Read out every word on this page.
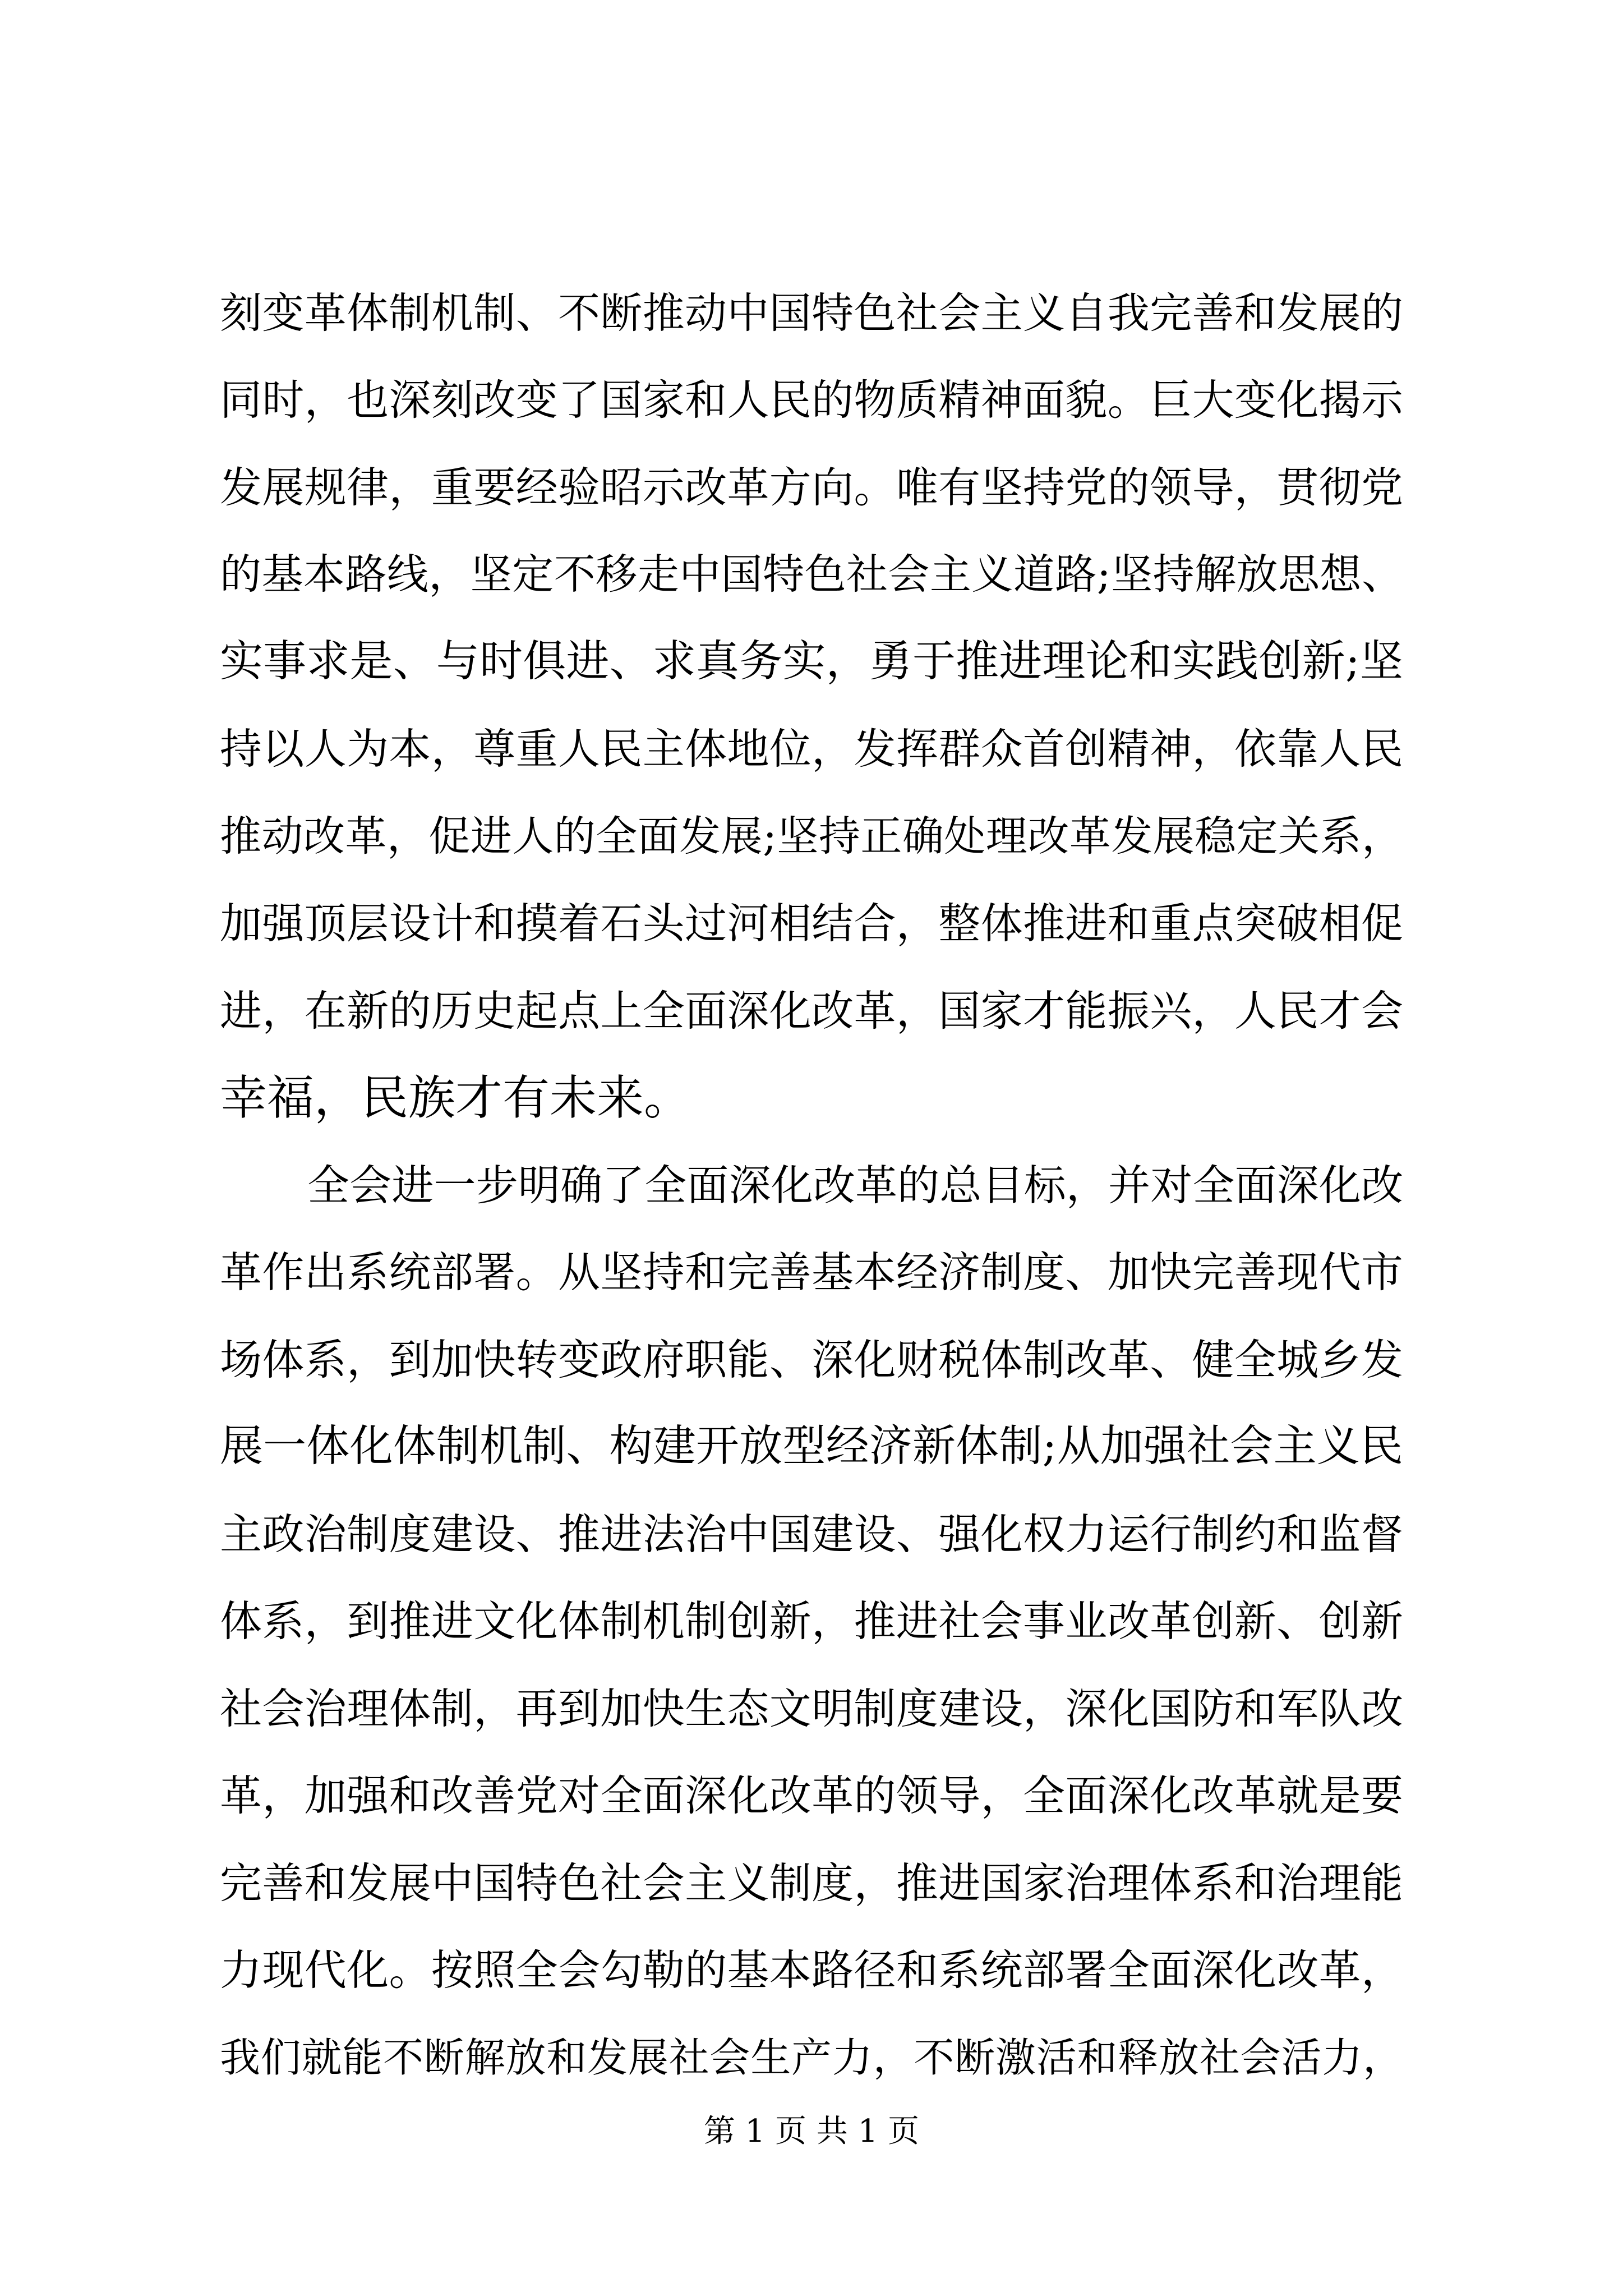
刻变革体制机制、不断推动中国特色社会主义自我完善和发展的
同时，也深刻改变了国家和人民的物质精神面貌。巨大变化揭示
发展规律，重要经验昭示改革方向。唯有坚持党的领导，贯彻党
的基本路线，坚定不移走中国特色社会主义道路;坚持解放思想、
实事求是、与时俱进、求真务实，勇于推进理论和实践创新;坚
持以人为本，尊重人民主体地位，发挥群众首创精神，依靠人民
推动改革，促进人的全面发展;坚持正确处理改革发展稳定关系，
加强顶层设计和摸着石头过河相结合，整体推进和重点突破相促
进，在新的历史起点上全面深化改革，国家才能振兴，人民才会
幸福，民族才有未来。
全会进一步明确了全面深化改革的总目标，并对全面深化改
革作出系统部署。从坚持和完善基本经济制度、加快完善现代市
场体系，到加快转变政府职能、深化财税体制改革、健全城乡发
展一体化体制机制、构建开放型经济新体制;从加强社会主义民
主政治制度建设、推进法治中国建设、强化权力运行制约和监督
体系，到推进文化体制机制创新，推进社会事业改革创新、创新
社会治理体制，再到加快生态文明制度建设，深化国防和军队改
革，加强和改善党对全面深化改革的领导，全面深化改革就是要
完善和发展中国特色社会主义制度，推进国家治理体系和治理能
力现代化。按照全会勾勒的基本路径和系统部署全面深化改革，
我们就能不断解放和发展社会生产力，不断激活和释放社会活力，
第 1 页 共 1 页
